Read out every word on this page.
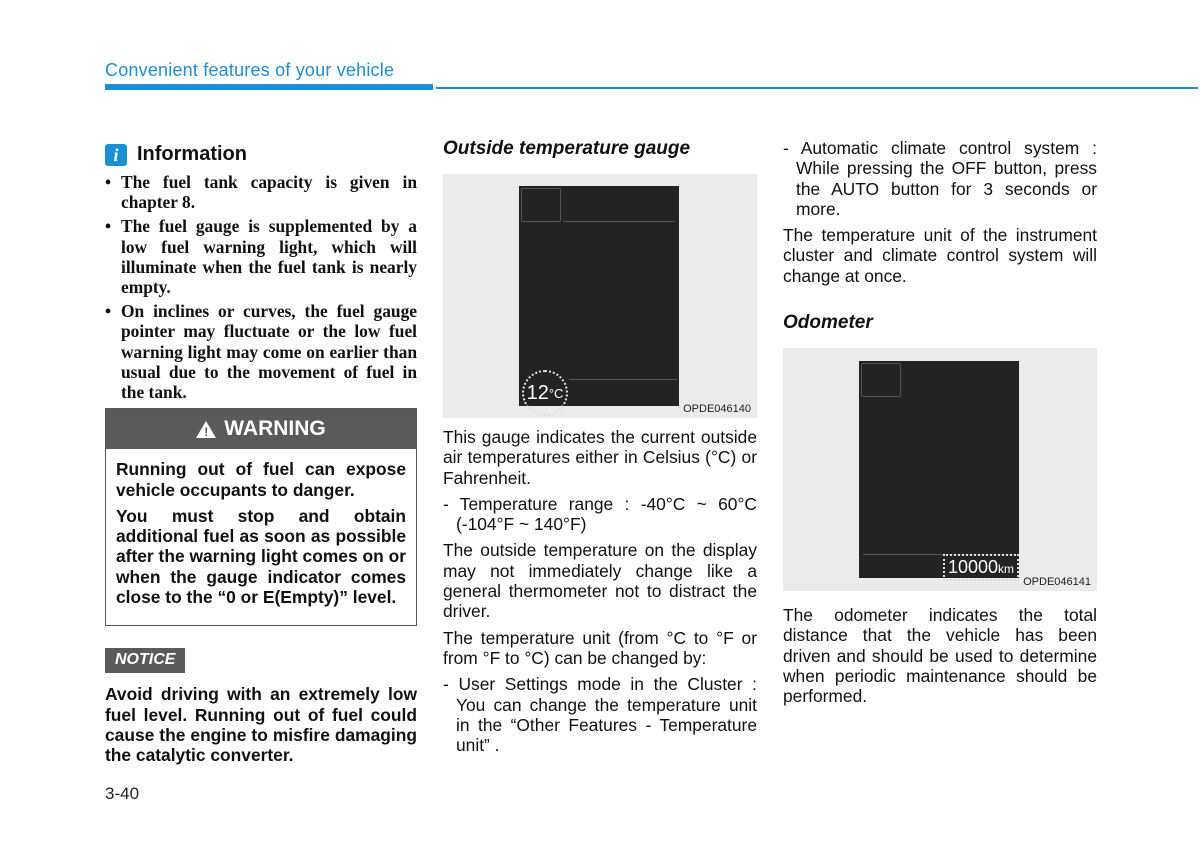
Convenient features of your vehicle
i Information
• The fuel tank capacity is given in chapter 8.
• The fuel gauge is supplemented by a low fuel warning light, which will illuminate when the fuel tank is nearly empty.
• On inclines or curves, the fuel gauge pointer may fluctuate or the low fuel warning light may come on earlier than usual due to the movement of fuel in the tank.
! WARNING

Running out of fuel can expose vehicle occupants to danger.

You must stop and obtain additional fuel as soon as possible after the warning light comes on or when the gauge indicator comes close to the “0 or E(Empty)” level.

NOTICE

Avoid driving with an extremely low fuel level. Running out of fuel could cause the engine to misfire damaging the catalytic converter.

3-40
Outside temperature gauge
12 °C
OPDE046140

This gauge indicates the current outside air temperatures either in Celsius (°C) or Fahrenheit.

- Temperature range : -40°C ~ 60°C (-104°F ~ 140°F)

The outside temperature on the display may not immediately change like a general thermometer not to distract the driver.

The temperature unit (from °C to °F or from °F to °C) can be changed by:

- User Settings mode in the Cluster : You can change the temperature unit in the “Other Features - Temperature unit” .

- Automatic climate control system : While pressing the OFF button, press the AUTO button for 3 seconds or more.

The temperature unit of the instrument cluster and climate control system will change at once.

Odometer
10000km
OPDE046141

The odometer indicates the total distance that the vehicle has been driven and should be used to determine when periodic maintenance should be performed.
